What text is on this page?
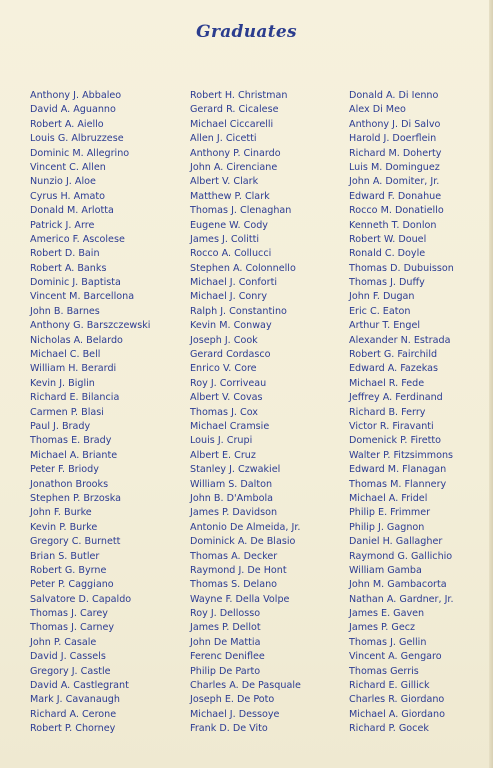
Graduates
Anthony J. Abbaleo
David A. Aguanno
Robert A. Aiello
Louis G. Albruzzese
Dominic M. Allegrino
Vincent C. Allen
Nunzio J. Aloe
Cyrus H. Amato
Donald M. Arlotta
Patrick J. Arre
Americo F. Ascolese
Robert D. Bain
Robert A. Banks
Dominic J. Baptista
Vincent M. Barcellona
John B. Barnes
Anthony G. Barszczewski
Nicholas A. Belardo
Michael C. Bell
William H. Berardi
Kevin J. Biglin
Richard E. Bilancia
Carmen P. Blasi
Paul J. Brady
Thomas E. Brady
Michael A. Briante
Peter F. Briody
Jonathon Brooks
Stephen P. Brzoska
John F. Burke
Kevin P. Burke
Gregory C. Burnett
Brian S. Butler
Robert G. Byrne
Peter P. Caggiano
Salvatore D. Capaldo
Thomas J. Carey
Thomas J. Carney
John P. Casale
David J. Cassels
Gregory J. Castle
David A. Castlegrant
Mark J. Cavanaugh
Richard A. Cerone
Robert P. Chorney
Robert H. Christman
Gerard R. Cicalese
Michael Ciccarelli
Allen J. Cicetti
Anthony P. Cinardo
John A. Cirenciane
Albert V. Clark
Matthew P. Clark
Thomas J. Clenaghan
Eugene W. Cody
James J. Colitti
Rocco A. Collucci
Stephen A. Colonnello
Michael J. Conforti
Michael J. Conry
Ralph J. Constantino
Kevin M. Conway
Joseph J. Cook
Gerard Cordasco
Enrico V. Core
Roy J. Corriveau
Albert V. Covas
Thomas J. Cox
Michael Cramsie
Louis J. Crupi
Albert E. Cruz
Stanley J. Czwakiel
William S. Dalton
John B. D'Ambola
James P. Davidson
Antonio De Almeida, Jr.
Dominick A. De Blasio
Thomas A. Decker
Raymond J. De Hont
Thomas S. Delano
Wayne F. Della Volpe
Roy J. Dellosso
James P. Dellot
John De Mattia
Ferenc Deniflee
Philip De Parto
Charles A. De Pasquale
Joseph E. De Poto
Michael J. Dessoye
Frank D. De Vito
Donald A. Di Ienno
Alex Di Meo
Anthony J. Di Salvo
Harold J. Doerflein
Richard M. Doherty
Luis M. Dominguez
John A. Domiter, Jr.
Edward F. Donahue
Rocco M. Donatiello
Kenneth T. Donlon
Robert W. Douel
Ronald C. Doyle
Thomas D. Dubuisson
Thomas J. Duffy
John F. Dugan
Eric C. Eaton
Arthur T. Engel
Alexander N. Estrada
Robert G. Fairchild
Edward A. Fazekas
Michael R. Fede
Jeffrey A. Ferdinand
Richard B. Ferry
Victor R. Firavanti
Domenick P. Firetto
Walter P. Fitzsimmons
Edward M. Flanagan
Thomas M. Flannery
Michael A. Fridel
Philip E. Frimmer
Philip J. Gagnon
Daniel H. Gallagher
Raymond G. Gallichio
William Gamba
John M. Gambacorta
Nathan A. Gardner, Jr.
James E. Gaven
James P. Gecz
Thomas J. Gellin
Vincent A. Gengaro
Thomas Gerris
Richard E. Gillick
Charles R. Giordano
Michael A. Giordano
Richard P. Gocek
